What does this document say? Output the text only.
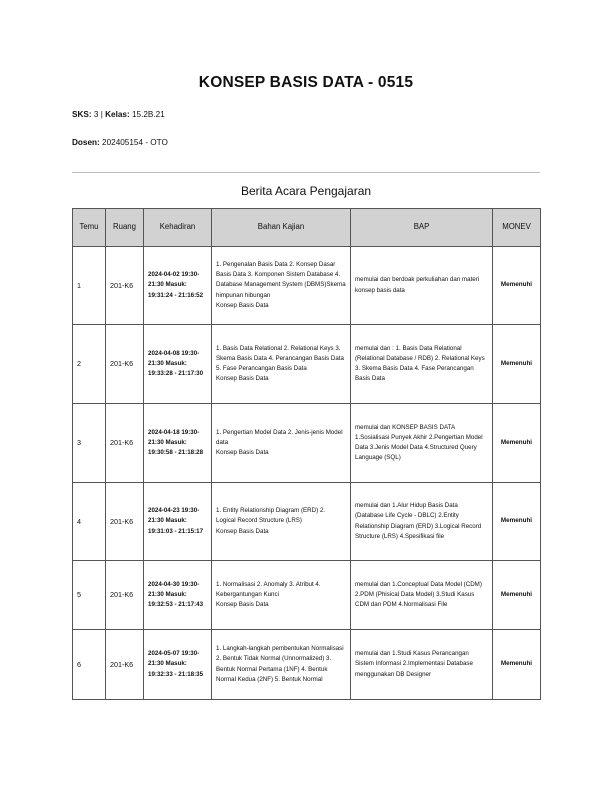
KONSEP BASIS DATA - 0515
SKS: 3 | Kelas: 15.2B.21
Dosen: 202405154 - OTO
Berita Acara Pengajaran
Temu	Ruang	Kehadiran	Bahan Kajian	BAP	MONEV
1	201-K6	2024-04-02 19:30-21:30 Masuk: 19:31:24 - 21:16:52	1. Pengenalan Basis Data 2. Konsep Dasar Basis Data 3. Komponen Sistem Database 4. Database Management System (DBMS)Skema himpunan hibungan
Konsep Basis Data	memulai dan berdoak perkuliahan dan materi konsep basis data	Memenuhi
2	201-K6	2024-04-08 19:30-21:30 Masuk: 19:33:28 - 21:17:30	1. Basis Data Relational 2. Relational Keys 3. Skema Basis Data 4. Perancangan Basis Data 5. Fase Perancangan Basis Data
Konsep Basis Data	memulai dan : 1. Basis Data Relational (Relational Database / RDB) 2. Relational Keys 3. Skema Basis Data 4. Fase Perancangan Basis Data	Memenuhi
3	201-K6	2024-04-18 19:30-21:30 Masuk: 19:30:58 - 21:18:28	1. Pengertian Model Data 2. Jenis-jenis Model data
Konsep Basis Data	memulai dan KONSEP BASIS DATA 1.Sosialisasi Punyek Akhir 2.Pengertian Model Data 3.Jenis Model Data 4.Structured Query Language (SQL)	Memenuhi
4	201-K6	2024-04-23 19:30-21:30 Masuk: 19:31:03 - 21:15:17	1. Entity Relationship Diagram (ERD) 2. Logical Record Structure (LRS)
Konsep Basis Data	memulai dan 1.Alur Hidup Basis Data (Database Life Cycle - DBLC) 2.Entity Relationship Diagram (ERD) 3.Logical Record Structure (LRS) 4.Spesifikasi file	Memenuhi
5	201-K6	2024-04-30 19:30-21:30 Masuk: 19:32:53 - 21:17:43	1. Normalisasi 2. Anomaly 3. Atribut 4. Kebergantungan Kunci
Konsep Basis Data	memulai dan 1.Conceptual Data Model (CDM) 2.PDM (Phisical Data Model) 3.Studi Kasus CDM dan PDM 4.Normalisasi File	Memenuhi
6	201-K6	2024-05-07 19:30-21:30 Masuk: 19:32:33 - 21:18:35	1. Langkah-langkah pembentukan Normalisasi 2. Bentuk Tidak Normal (Unnormalized) 3. Bentuk Normal Pertama (1NF) 4. Bentuk Normal Kedua (2NF) 5. Bentuk Normal	memulai dan 1.Studi Kasus Perancangan Sistem Informasi 2.Implementasi Database menggunakan DB Designer	Memenuhi
